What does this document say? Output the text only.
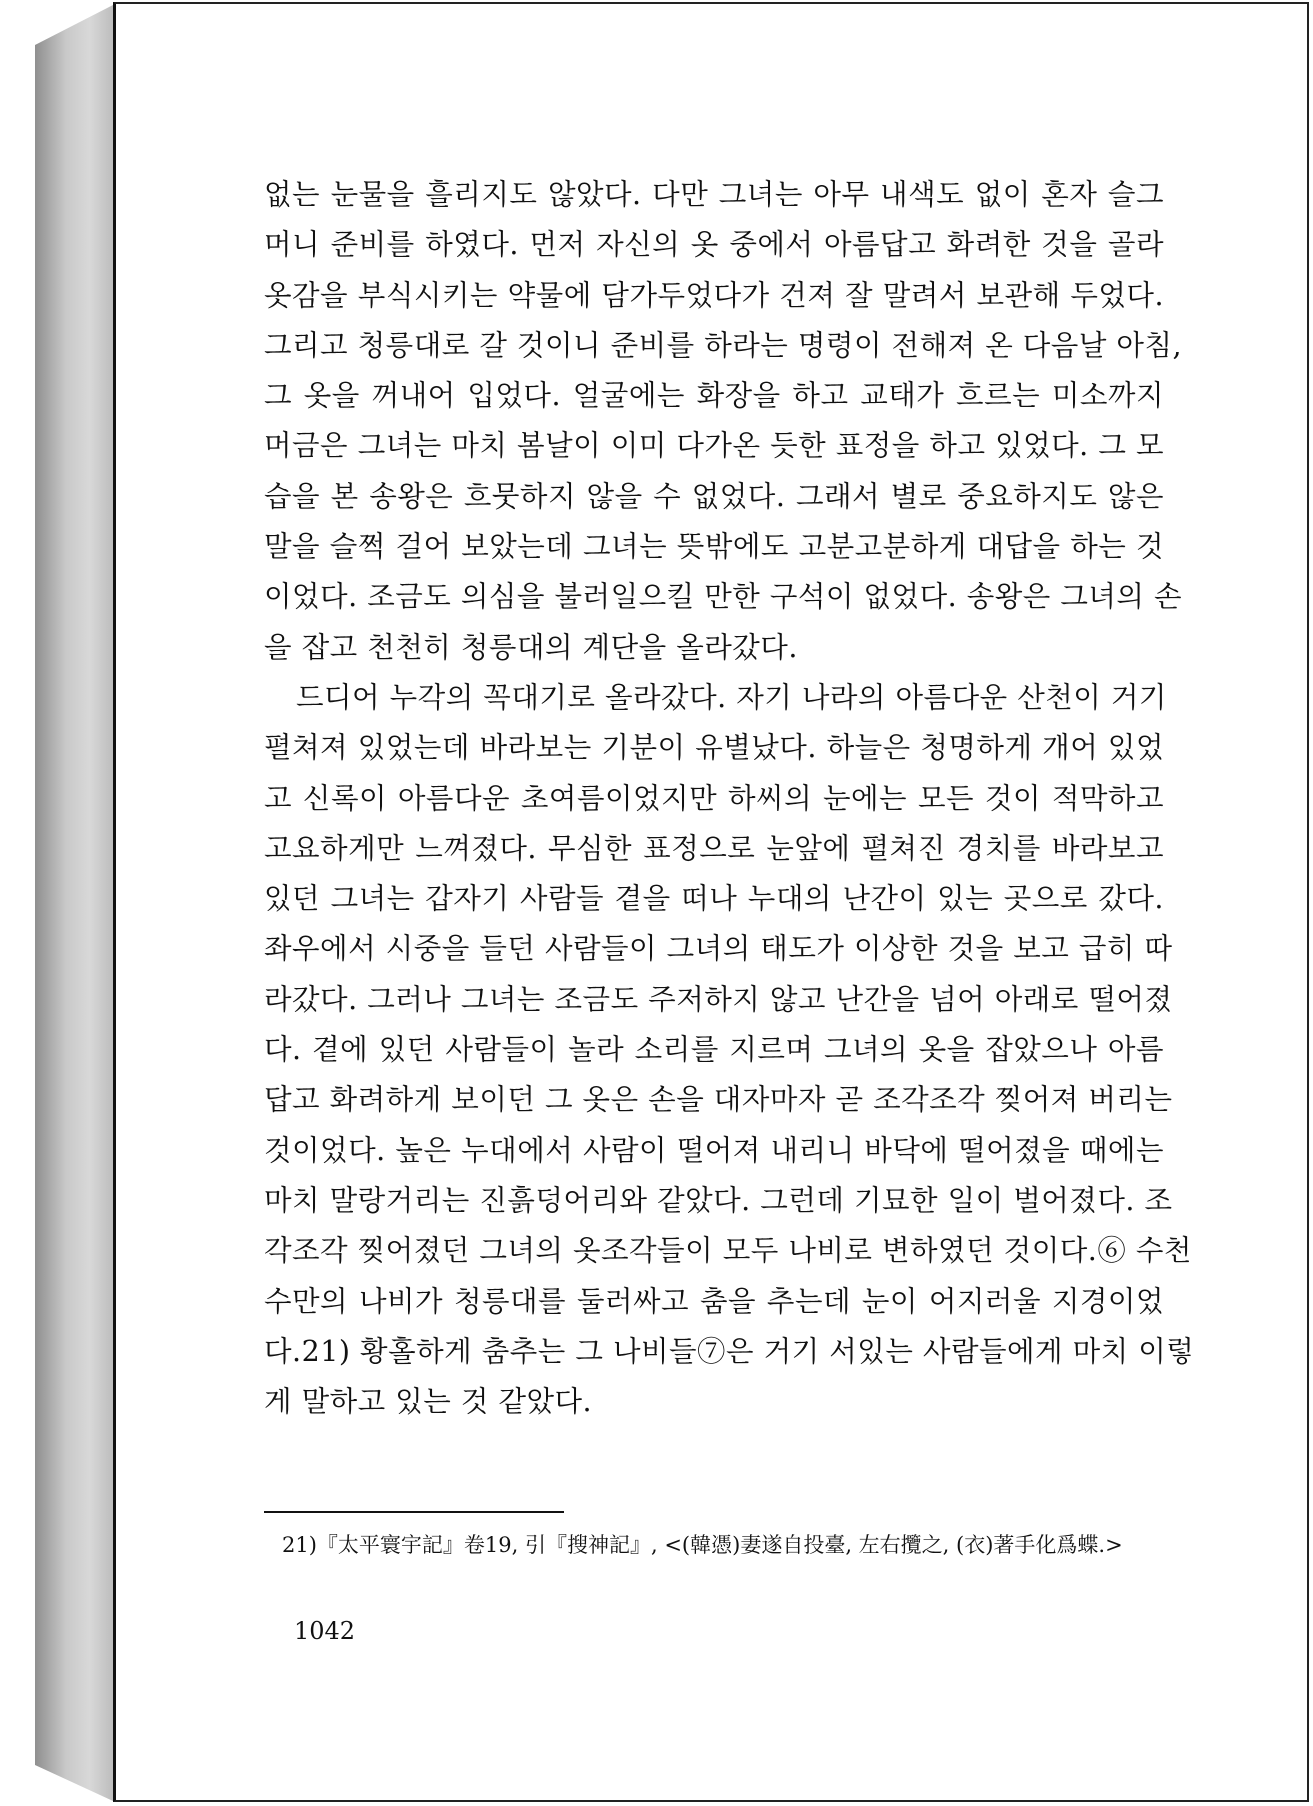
없는 눈물을 흘리지도 않았다. 다만 그녀는 아무 내색도 없이 혼자 슬그
머니 준비를 하였다. 먼저 자신의 옷 중에서 아름답고 화려한 것을 골라
옷감을 부식시키는 약물에 담가두었다가 건져 잘 말려서 보관해 두었다.
그리고 청릉대로 갈 것이니 준비를 하라는 명령이 전해져 온 다음날 아침,
그 옷을 꺼내어 입었다. 얼굴에는 화장을 하고 교태가 흐르는 미소까지
머금은 그녀는 마치 봄날이 이미 다가온 듯한 표정을 하고 있었다. 그 모
습을 본 송왕은 흐뭇하지 않을 수 없었다. 그래서 별로 중요하지도 않은
말을 슬쩍 걸어 보았는데 그녀는 뜻밖에도 고분고분하게 대답을 하는 것
이었다. 조금도 의심을 불러일으킬 만한 구석이 없었다. 송왕은 그녀의 손
을 잡고 천천히 청릉대의 계단을 올라갔다.
드디어 누각의 꼭대기로 올라갔다. 자기 나라의 아름다운 산천이 거기
펼쳐져 있었는데 바라보는 기분이 유별났다. 하늘은 청명하게 개어 있었
고 신록이 아름다운 초여름이었지만 하씨의 눈에는 모든 것이 적막하고
고요하게만 느껴졌다. 무심한 표정으로 눈앞에 펼쳐진 경치를 바라보고
있던 그녀는 갑자기 사람들 곁을 떠나 누대의 난간이 있는 곳으로 갔다.
좌우에서 시중을 들던 사람들이 그녀의 태도가 이상한 것을 보고 급히 따
라갔다. 그러나 그녀는 조금도 주저하지 않고 난간을 넘어 아래로 떨어졌
다. 곁에 있던 사람들이 놀라 소리를 지르며 그녀의 옷을 잡았으나 아름
답고 화려하게 보이던 그 옷은 손을 대자마자 곧 조각조각 찢어져 버리는
것이었다. 높은 누대에서 사람이 떨어져 내리니 바닥에 떨어졌을 때에는
마치 말랑거리는 진흙덩어리와 같았다. 그런데 기묘한 일이 벌어졌다. 조
각조각 찢어졌던 그녀의 옷조각들이 모두 나비로 변하였던 것이다.⑥ 수천
수만의 나비가 청릉대를 둘러싸고 춤을 추는데 눈이 어지러울 지경이었
다.21) 황홀하게 춤추는 그 나비들⑦은 거기 서있는 사람들에게 마치 이렇
게 말하고 있는 것 같았다.
21)『太平寰宇記』卷19, 引『搜神記』, <(韓憑)妻遂自投臺, 左右攬之, (衣)著手化爲蝶.>
1042
